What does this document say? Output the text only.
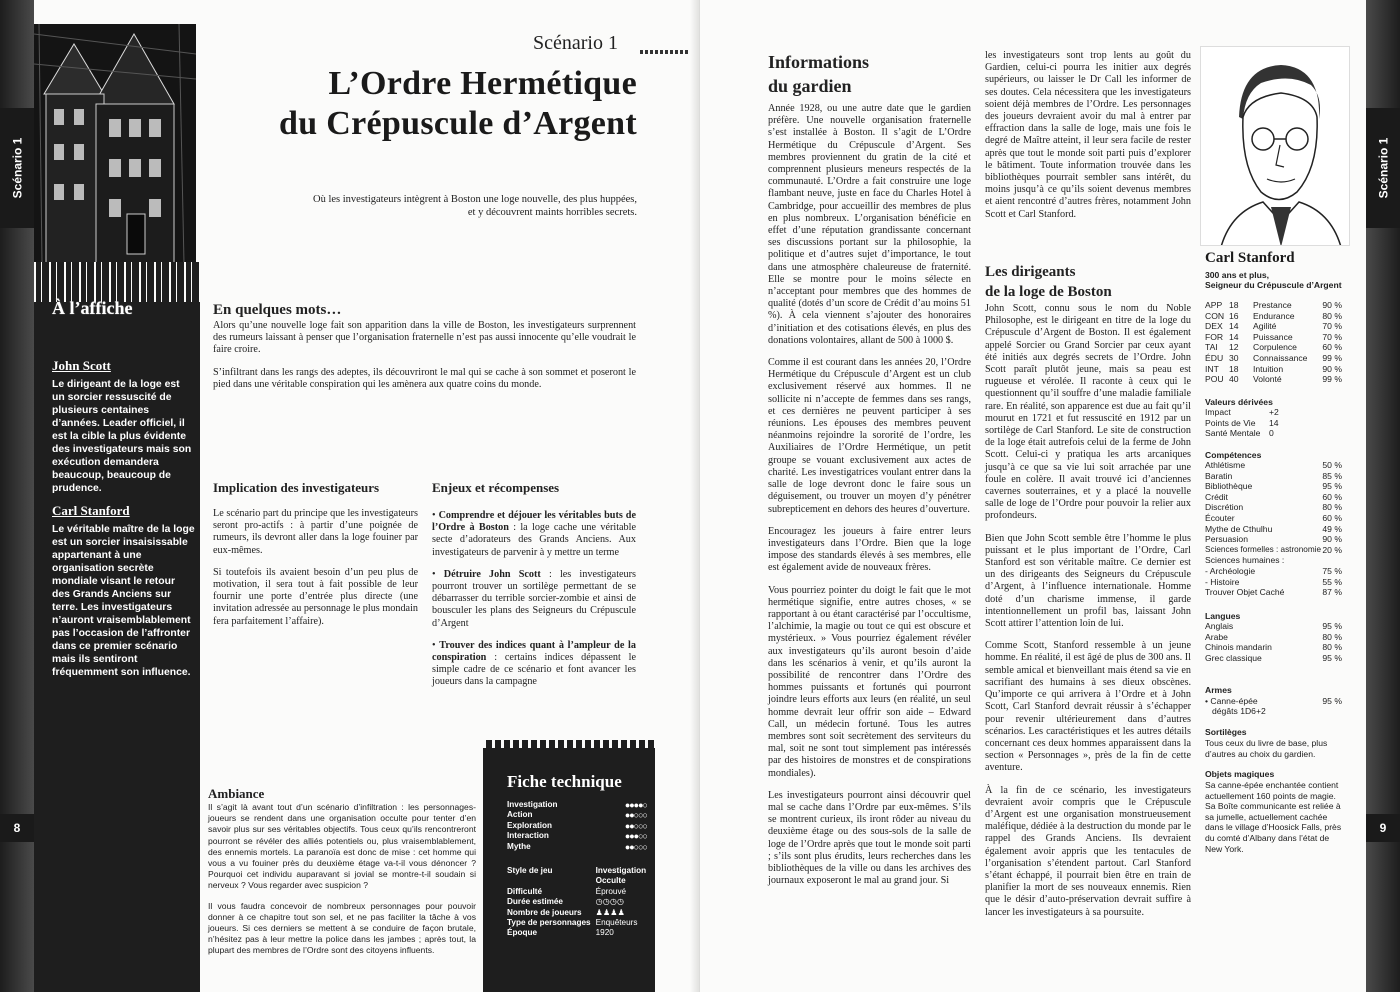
Scénario 1
8
Scénario 1
L’Ordre Hermétique
du Crépuscule d’Argent
Où les investigateurs intègrent à Boston une loge nouvelle, des plus huppées,
et y découvrent maints horribles secrets.
À l’affiche
John Scott
Le dirigeant de la loge est un sorcier ressuscité de plusieurs centaines d’années. Leader officiel, il est la cible la plus évidente des investigateurs mais son exécution demandera beaucoup, beaucoup de prudence.
Carl Stanford
Le véritable maître de la loge est un sorcier insaisissable appartenant à une organisation secrète mondiale visant le retour des Grands Anciens sur terre. Les investigateurs n’auront vraisemblablement pas l’occasion de l’affronter dans ce premier scénario mais ils sentiront fréquemment son influence.
En quelques mots…

Alors qu’une nouvelle loge fait son apparition dans la ville de Boston, les investigateurs surprennent des rumeurs laissant à penser que l’organisation fraternelle n’est pas aussi innocente qu’elle voudrait le faire croire.

S’infiltrant dans les rangs des adeptes, ils découvriront le mal qui se cache à son sommet et poseront le pied dans une véritable conspiration qui les amènera aux quatre coins du monde.

Implication des investigateurs

Le scénario part du principe que les investigateurs seront pro-actifs : à partir d’une poignée de rumeurs, ils devront aller dans la loge fouiner par eux-mêmes.

Si toutefois ils avaient besoin d’un peu plus de motivation, il sera tout à fait possible de leur fournir une porte d’entrée plus directe (une invitation adressée au personnage le plus mondain fera parfaitement l’affaire).

Enjeux et récompenses
• Comprendre et déjouer les véritables buts de l’Ordre à Boston : la loge cache une véritable secte d’adorateurs des Grands Anciens. Aux investigateurs de parvenir à y mettre un terme
• Détruire John Scott : les investigateurs pourront trouver un sortilège permettant de se débarrasser du terrible sorcier-zombie et ainsi de bousculer les plans des Seigneurs du Crépuscule d’Argent
• Trouver des indices quant à l’ampleur de la conspiration : certains indices dépassent le simple cadre de ce scénario et font avancer les joueurs dans la campagne
Ambiance

Il s’agit là avant tout d’un scénario d’infiltration : les personnages-joueurs se rendent dans une organisation occulte pour tenter d’en savoir plus sur ses véritables objectifs. Tous ceux qu’ils rencontreront pourront se révéler des alliés potentiels ou, plus vraisemblablement, des ennemis mortels. La paranoïa est donc de mise : cet homme qui vous a vu fouiner près du deuxième étage va-t-il vous dénoncer ? Pourquoi cet individu auparavant si jovial se montre-t-il soudain si nerveux ? Vous regarder avec suspicion ?

Il vous faudra concevoir de nombreux personnages pour pouvoir donner à ce chapitre tout son sel, et ne pas faciliter la tâche à vos joueurs. Si ces derniers se mettent à se conduire de façon brutale, n’hésitez pas à leur mettre la police dans les jambes ; après tout, la plupart des membres de l’Ordre sont des citoyens influents.

Fiche technique
Investigation	●●●●○
Action	●●○○○
Exploration	●●○○○
Interaction	●●●○○
Mythe	●●○○○
Style de jeu	Investigation Occulte
Difficulté	Éprouvé
Durée estimée	◷◷◷◷
Nombre de joueurs	♟♟♟♟
Type de personnages	Enquêteurs
Époque	1920
Scénario 1
9
Informations
du gardien

Année 1928, ou une autre date que le gardien préfère. Une nouvelle organisation fraternelle s’est installée à Boston. Il s’agit de L’Ordre Hermétique du Crépuscule d’Argent. Ses membres proviennent du gratin de la cité et comprennent plusieurs meneurs respectés de la communauté. L’Ordre a fait construire une loge flambant neuve, juste en face du Charles Hotel à Cambridge, pour accueillir des membres de plus en plus nombreux. L’organisation bénéficie en effet d’une réputation grandissante concernant ses discussions portant sur la philosophie, la politique et d’autres sujet d’importance, le tout dans une atmosphère chaleureuse de fraternité. Elle se montre pour le moins sélecte en n’acceptant pour membres que des hommes de qualité (dotés d’un score de Crédit d’au moins 51 %). À cela viennent s’ajouter des honoraires d’initiation et des cotisations élevés, en plus des donations volontaires, allant de 500 à 1000 $.

Comme il est courant dans les années 20, l’Ordre Hermétique du Crépuscule d’Argent est un club exclusivement réservé aux hommes. Il ne sollicite ni n’accepte de femmes dans ses rangs, et ces dernières ne peuvent participer à ses réunions. Les épouses des membres peuvent néanmoins rejoindre la sororité de l’ordre, les Auxiliaires de l’Ordre Hermétique, un petit groupe se vouant exclusivement aux actes de charité. Les investigatrices voulant entrer dans la salle de loge devront donc le faire sous un déguisement, ou trouver un moyen d’y pénétrer subrepticement en dehors des heures d’ouverture.

Encouragez les joueurs à faire entrer leurs investigateurs dans l’Ordre. Bien que la loge impose des standards élevés à ses membres, elle est également avide de nouveaux frères.

Vous pourriez pointer du doigt le fait que le mot hermétique signifie, entre autres choses, « se rapportant à ou étant caractérisé par l’occultisme, l’alchimie, la magie ou tout ce qui est obscure et mystérieux. » Vous pourriez également révéler aux investigateurs qu’ils auront besoin d’aide dans les scénarios à venir, et qu’ils auront la possibilité de rencontrer dans l’Ordre des hommes puissants et fortunés qui pourront joindre leurs efforts aux leurs (en réalité, un seul homme devrait leur offrir son aide – Edward Call, un médecin fortuné. Tous les autres membres sont soit secrètement des serviteurs du mal, soit ne sont tout simplement pas intéressés par des histoires de monstres et de conspirations mondiales).

Les investigateurs pourront ainsi découvrir quel mal se cache dans l’Ordre par eux-mêmes. S’ils se montrent curieux, ils iront rôder au niveau du deuxième étage ou des sous-sols de la salle de loge de l’Ordre après que tout le monde soit parti ; s’ils sont plus érudits, leurs recherches dans les bibliothèques de la ville ou dans les archives des journaux exposeront le mal au grand jour. Si

les investigateurs sont trop lents au goût du Gardien, celui-ci pourra les initier aux degrés supérieurs, ou laisser le Dr Call les informer de ses doutes. Cela nécessitera que les investigateurs soient déjà membres de l’Ordre. Les personnages des joueurs devraient avoir du mal à entrer par effraction dans la salle de loge, mais une fois le degré de Maître atteint, il leur sera facile de rester après que tout le monde soit parti puis d’explorer le bâtiment. Toute information trouvée dans les bibliothèques pourrait sembler sans intérêt, du moins jusqu’à ce qu’ils soient devenus membres et aient rencontré d’autres frères, notamment John Scott et Carl Stanford.

Les dirigeants
de la loge de Boston

John Scott, connu sous le nom du Noble Philosophe, est le dirigeant en titre de la loge du Crépuscule d’Argent de Boston. Il est également appelé Sorcier ou Grand Sorcier par ceux ayant été initiés aux degrés secrets de l’Ordre. John Scott paraît plutôt jeune, mais sa peau est rugueuse et vérolée. Il raconte à ceux qui le questionnent qu’il souffre d’une maladie familiale rare. En réalité, son apparence est due au fait qu’il mourut en 1721 et fut ressuscité en 1912 par un sortilège de Carl Stanford. Le site de construction de la loge était autrefois celui de la ferme de John Scott. Celui-ci y pratiqua les arts arcaniques jusqu’à ce que sa vie lui soit arrachée par une foule en colère. Il avait trouvé ici d’anciennes cavernes souterraines, et y a placé la nouvelle salle de loge de l’Ordre pour pouvoir la relier aux profondeurs.

Bien que John Scott semble être l’homme le plus puissant et le plus important de l’Ordre, Carl Stanford est son véritable maître. Ce dernier est un des dirigeants des Seigneurs du Crépuscule d’Argent, à l’influence internationale. Homme doté d’un charisme immense, il garde intentionnellement un profil bas, laissant John Scott attirer l’attention loin de lui.

Comme Scott, Stanford ressemble à un jeune homme. En réalité, il est âgé de plus de 300 ans. Il semble amical et bienveillant mais étend sa vie en sacrifiant des humains à ses dieux obscènes. Qu’importe ce qui arrivera à l’Ordre et à John Scott, Carl Stanford devrait réussir à s’échapper pour revenir ultérieurement dans d’autres scénarios. Les caractéristiques et les autres détails concernant ces deux hommes apparaissent dans la section « Personnages », près de la fin de cette aventure.

À la fin de ce scénario, les investigateurs devraient avoir compris que le Crépuscule d’Argent est une organisation monstrueusement maléfique, dédiée à la destruction du monde par le rappel des Grands Anciens. Ils devraient également avoir appris que les tentacules de l’organisation s’étendent partout. Carl Stanford s’étant échappé, il pourrait bien être en train de planifier la mort de ses nouveaux ennemis. Rien que le désir d’auto-préservation devrait suffire à lancer les investigateurs à sa poursuite.

Carl Stanford
300 ans et plus,
Seigneur du Crépuscule d’Argent
APP	18	Prestance	90 %
CON	16	Endurance	80 %
DEX	14	Agilité	70 %
FOR	14	Puissance	70 %
TAI	12	Corpulence	60 %
ÉDU	30	Connaissance	99 %
INT	18	Intuition	90 %
POU	40	Volonté	99 %
Valeurs dérivées
Impact	+2
Points de Vie	14
Santé Mentale	0
Compétences
Athlétisme	50 %
Baratin	85 %
Bibliothèque	95 %
Crédit	60 %
Discrétion	80 %
Écouter	60 %
Mythe de Cthulhu	49 %
Persuasion	90 %
Sciences formelles : astronomie	20 %
Sciences humaines :	
- Archéologie	75 %
- Histoire	55 %
Trouver Objet Caché	87 %
Langues
Anglais	95 %
Arabe	80 %
Chinois mandarin	80 %
Grec classique	95 %
Armes
• Canne-épée	95 %
dégâts 1D6+2
Sortilèges
Tous ceux du livre de base, plus d’autres au choix du gardien.
Objets magiques
Sa canne-épée enchantée contient actuellement 160 points de magie. Sa Boîte communicante est reliée à sa jumelle, actuellement cachée dans le village d’Hoosick Falls, près du comté d’Albany dans l’état de New York.
